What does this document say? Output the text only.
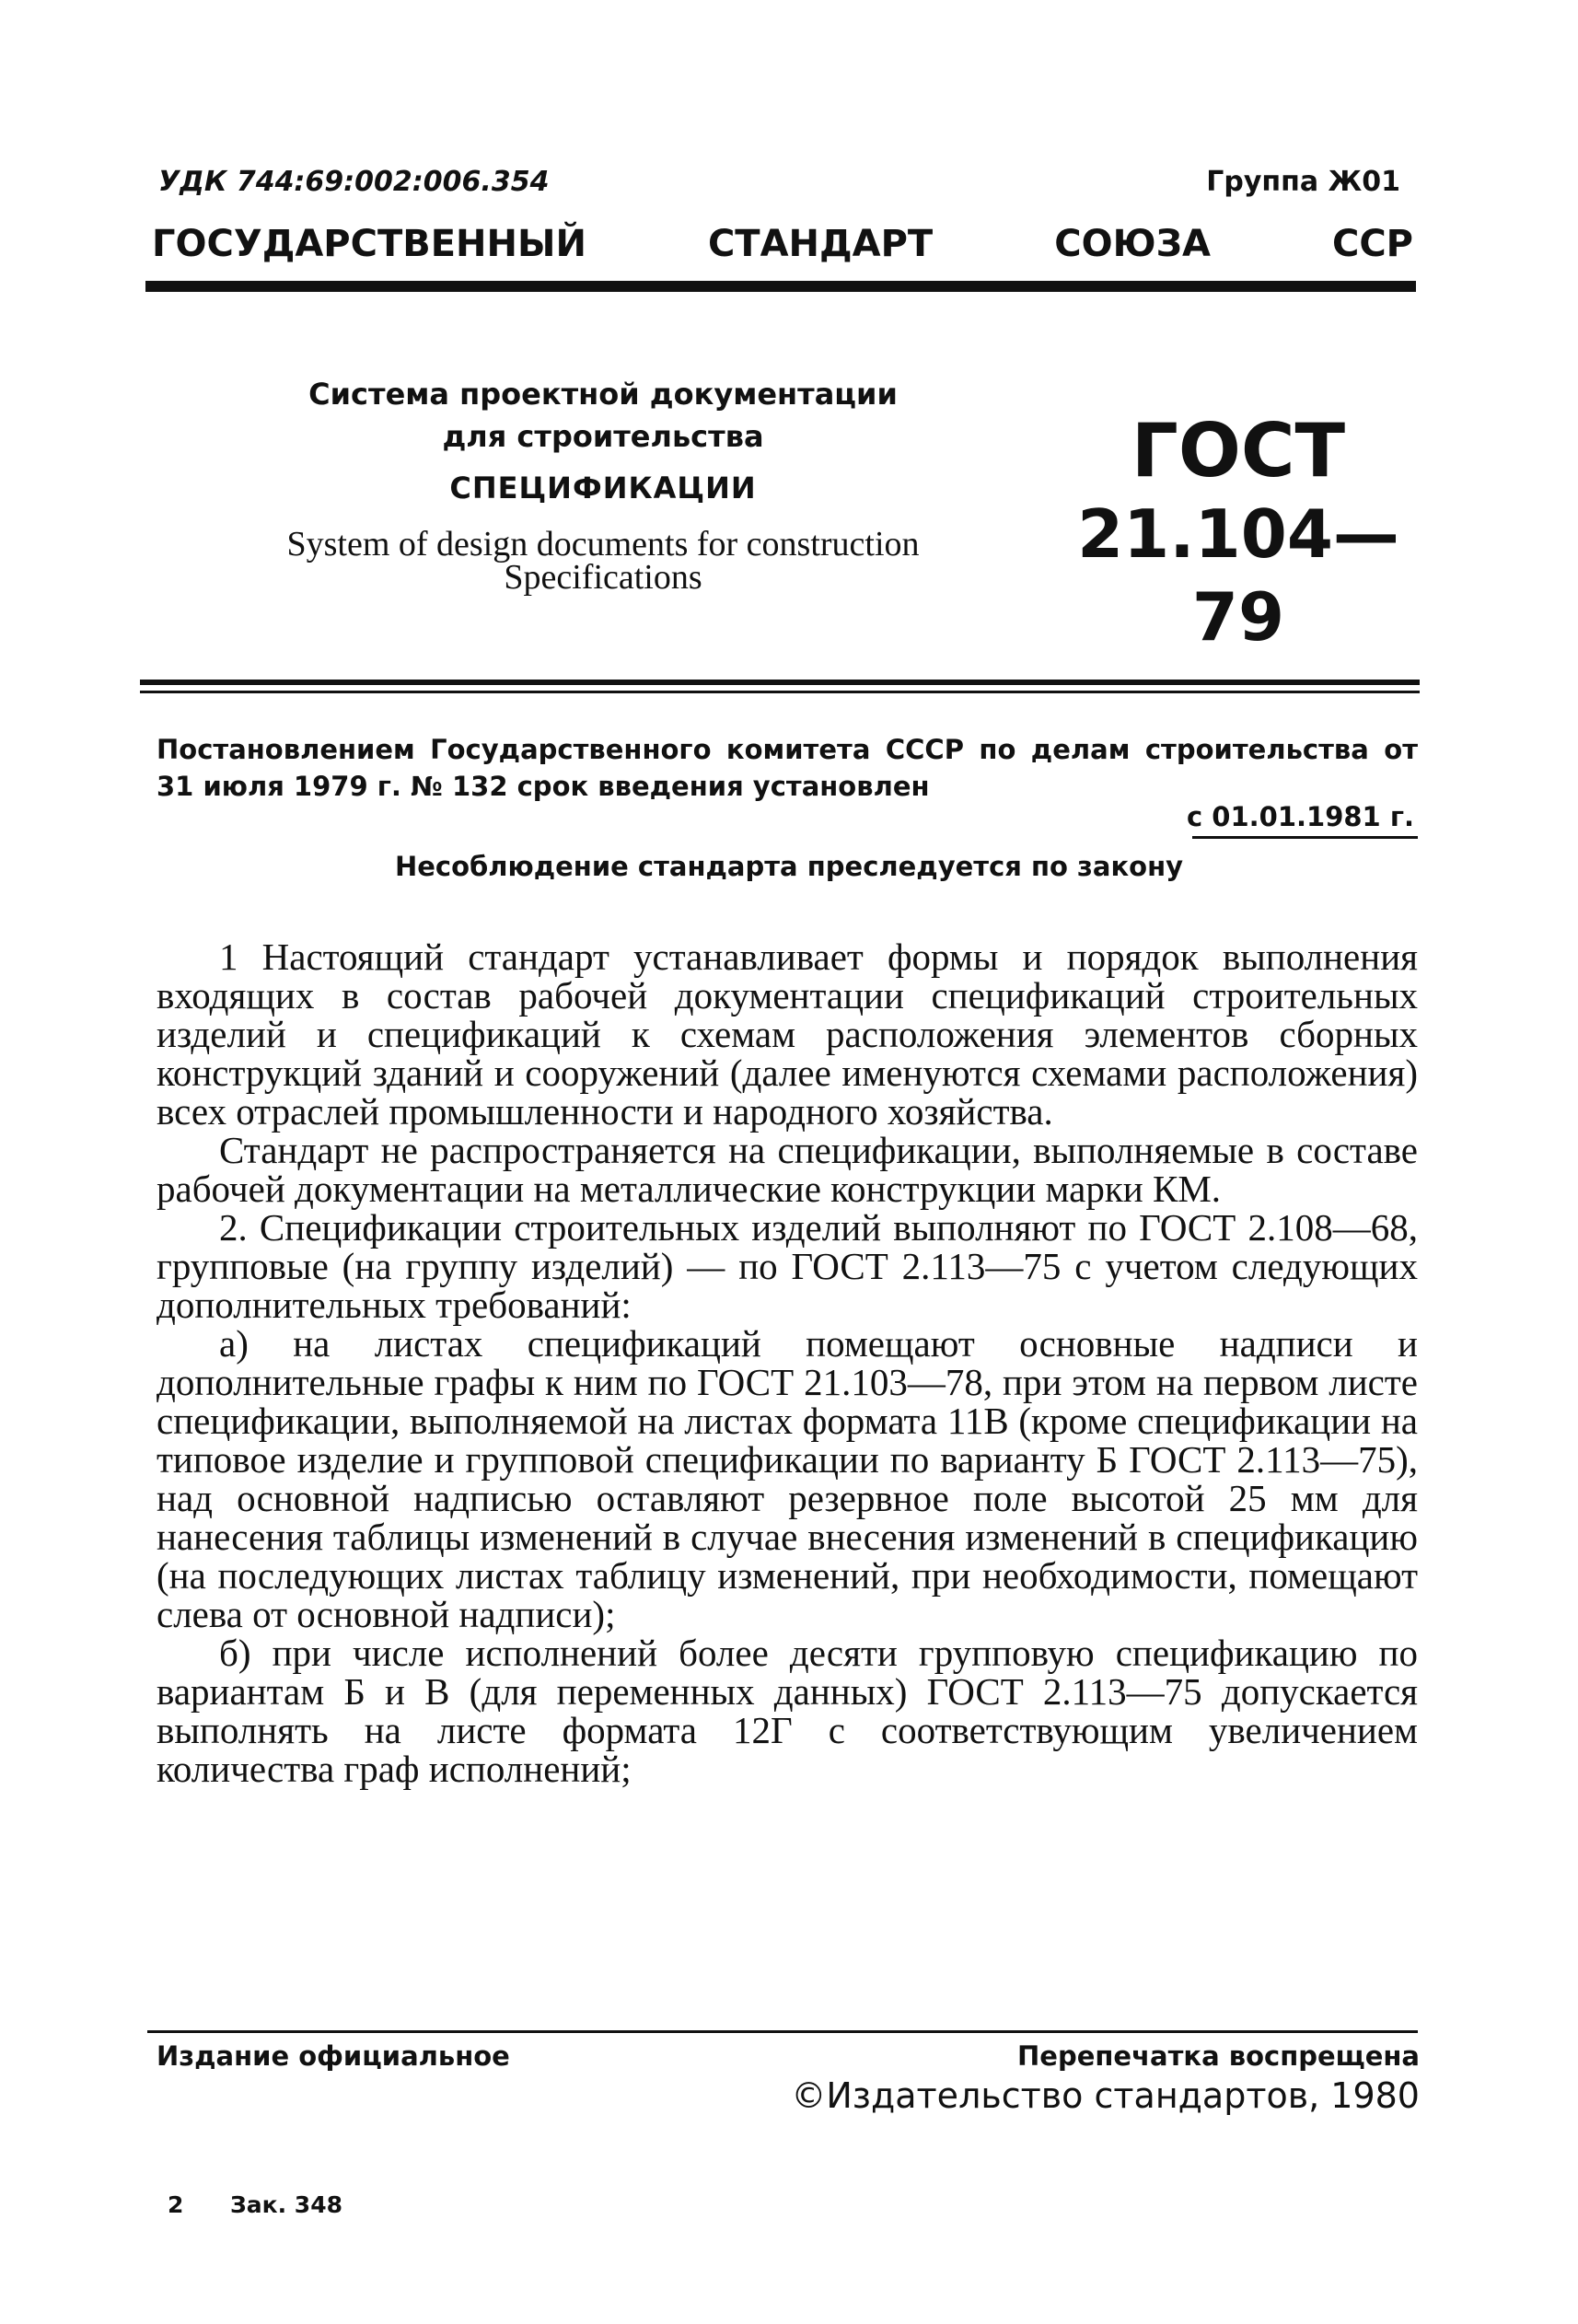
УДК 744:69:002:006.354	Группа Ж01
ГОСУДАРСТВЕННЫЙ	СТАНДАРТ	СОЮЗА	ССР
Система проектной документации
для строительства
СПЕЦИФИКАЦИИ
System of design documents for construction
Specifications
ГОСТ
21.104—79
Постановлением Государственного комитета СССР по делам строительства от 31 июля 1979 г. № 132 срок введения установлен
с 01.01.1981 г.
Несоблюдение стандарта преследуется по закону

1 Настоящий стандарт устанавливает формы и порядок выполнения входящих в состав рабочей документации спецификаций строительных изделий и спецификаций к схемам расположения элементов сборных конструкций зданий и сооружений (далее именуются схемами расположения) всех отраслей промышленности и народного хозяйства.

Стандарт не распространяется на спецификации, выполняемые в составе рабочей документации на металлические конструкции марки КМ.

2. Спецификации строительных изделий выполняют по ГОСТ 2.108—68, групповые (на группу изделий) — по ГОСТ 2.113—75 с учетом следующих дополнительных требований:

а) на листах спецификаций помещают основные надписи и дополнительные графы к ним по ГОСТ 21.103—78, при этом на первом листе спецификации, выполняемой на листах формата 11В (кроме спецификации на типовое изделие и групповой спецификации по варианту Б ГОСТ 2.113—75), над основной надписью оставляют резервное поле высотой 25 мм для нанесения таблицы изменений в случае внесения изменений в спецификацию (на последующих листах таблицу изменений, при необходимости, помещают слева от основной надписи);

б) при числе исполнений более десяти групповую спецификацию по вариантам Б и В (для переменных данных) ГОСТ 2.113—75 допускается выполнять на листе формата 12Г с соответствующим увеличением количества граф исполнений;

Издание официальное	Перепечатка воспрещена
©Издательство стандартов, 1980
2 Зак. 348
